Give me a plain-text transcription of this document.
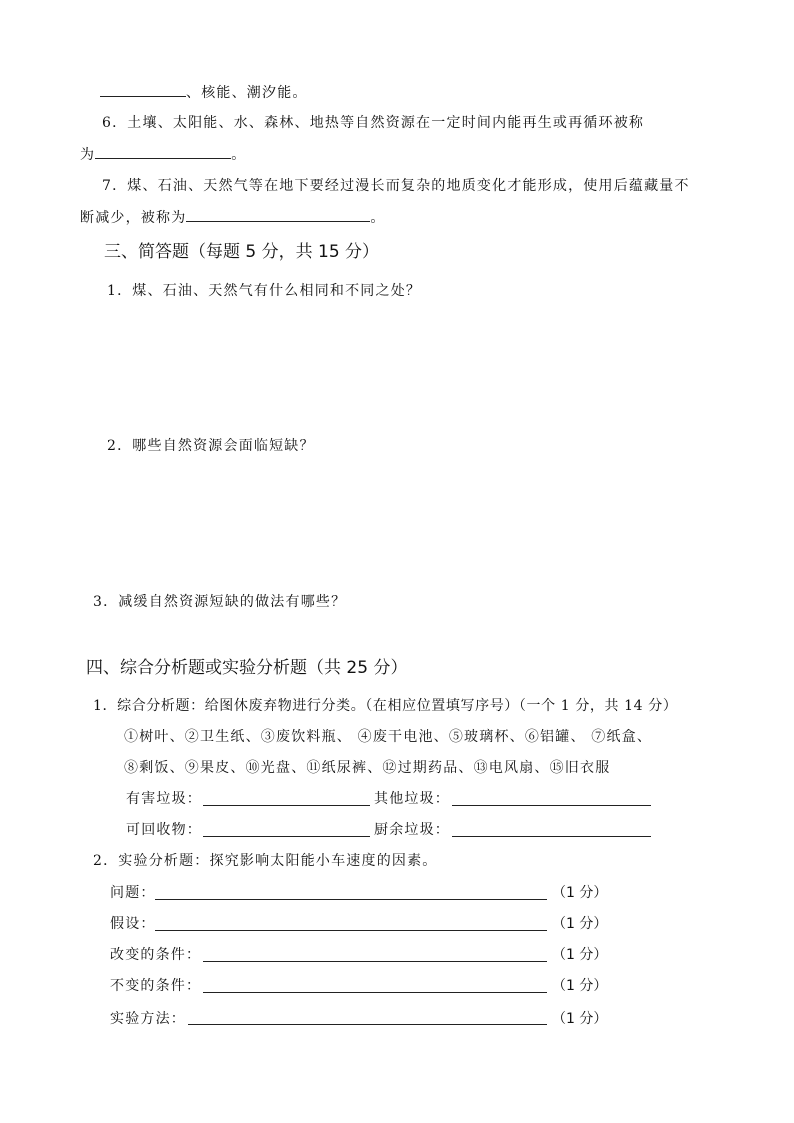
、核能、潮汐能。
6．土壤、太阳能、水、森林、地热等自然资源在一定时间内能再生或再循环被称
为	。
7．煤、石油、天然气等在地下要经过漫长而复杂的地质变化才能形成，使用后蕴藏量不
断减少，被称为	。
三、简答题（每题 5 分，共 15 分）
1．煤、石油、天然气有什么相同和不同之处？
2．哪些自然资源会面临短缺？
3．减缓自然资源短缺的做法有哪些？
四、综合分析题或实验分析题（共 25 分）
1．综合分析题：给图休废弃物进行分类。（在相应位置填写序号）（一个 1 分，共 14 分）
①树叶、②卫生纸、③废饮料瓶、 ④废干电池、⑤玻璃杯、⑥铝罐、 ⑦纸盒、
⑧剩饭、⑨果皮、⑩光盘、⑪纸尿裤、⑫过期药品、⑬电风扇、⑮旧衣服
有害垃圾：	其他垃圾：
可回收物：	厨余垃圾：
2．实验分析题：探究影响太阳能小车速度的因素。
问题：	（1 分）
假设：	（1 分）
改变的条件：	（1 分）
不变的条件：	（1 分）
实验方法：	（1 分）
